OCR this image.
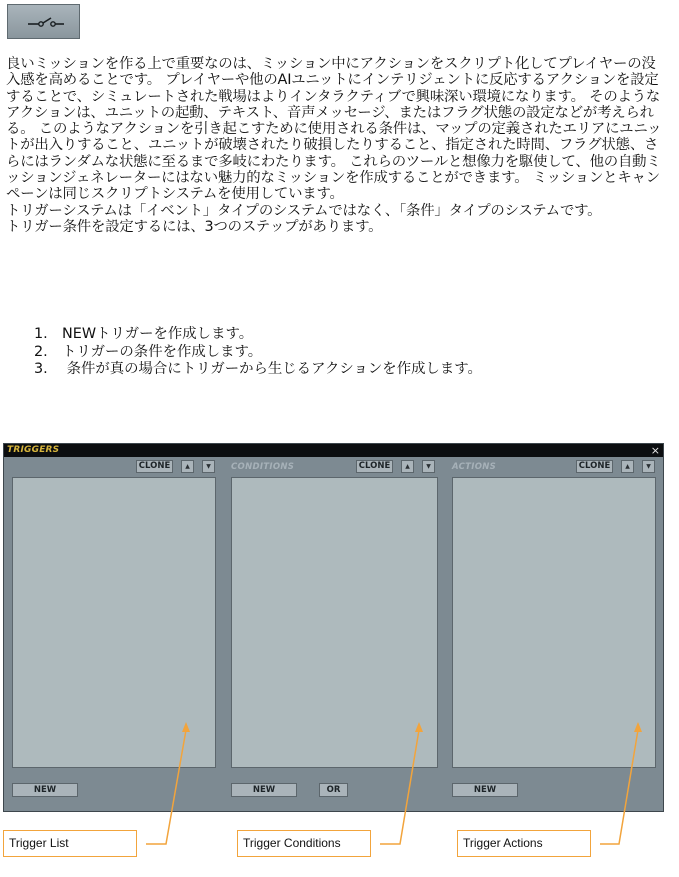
良いミッションを作る上で重要なのは、ミッション中にアクションをスクリプト化してプレイヤーの没入感を高めることです。 プレイヤーや他のAIユニットにインテリジェントに反応するアクションを設定することで、シミュレートされた戦場はよりインタラクティブで興味深い環境になります。 そのようなアクションは、ユニットの起動、テキスト、音声メッセージ、またはフラグ状態の設定などが考えられる。 このようなアクションを引き起こすために使用される条件は、マップの定義されたエリアにユニットが出入りすること、ユニットが破壊されたり破損したりすること、指定された時間、フラグ状態、さらにはランダムな状態に至るまで多岐にわたります。 これらのツールと想像力を駆使して、他の自動ミッションジェネレーターにはない魅力的なミッションを作成することができます。 ミッションとキャンペーンは同じスクリプトシステムを使用しています。

トリガーシステムは「イベント」タイプのシステムではなく、「条件」タイプのシステムです。

トリガー条件を設定するには、3つのステップがあります。

1. NEWトリガーを作成します。
2. トリガーの条件を作成します。
3. 条件が真の場合にトリガーから生じるアクションを作成します。
TRIGGERS	×
CLONE	▲	▼
NEW
CONDITIONS	CLONE	▲	▼
NEW	OR
ACTIONS	CLONE	▲	▼
NEW
Trigger List	Trigger Conditions	Trigger Actions
